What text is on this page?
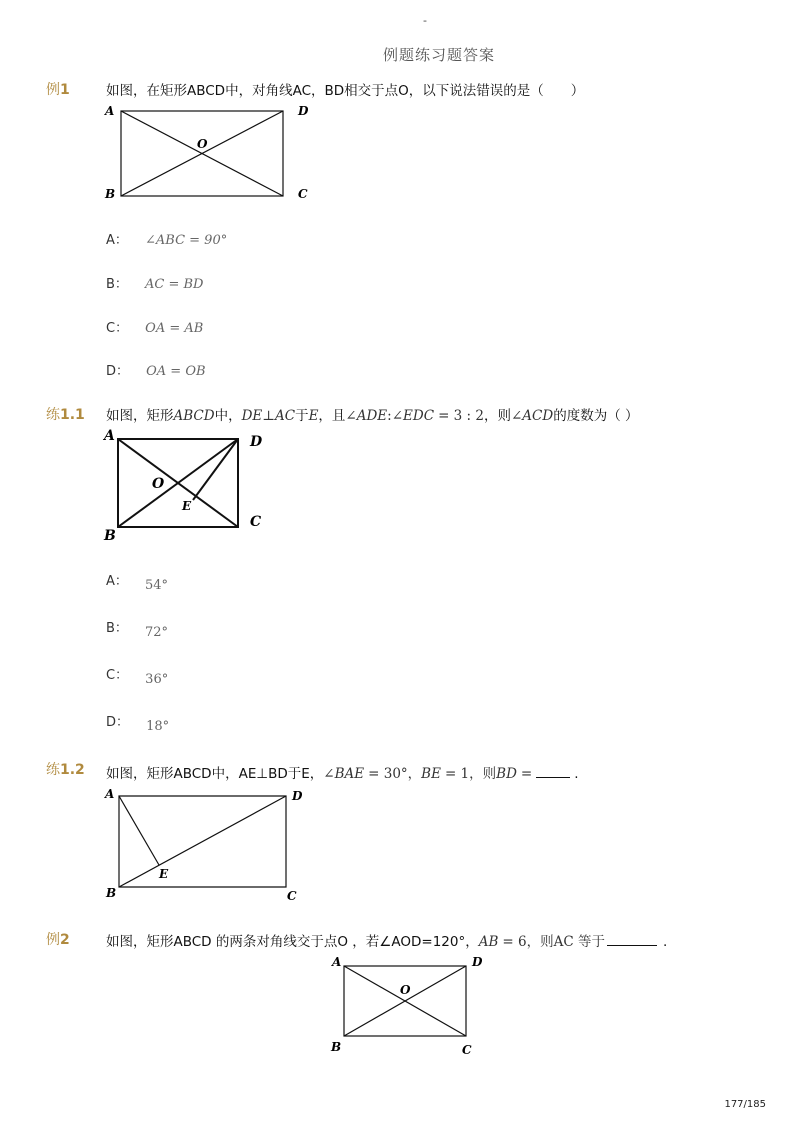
-
例题练习题答案
例1	如图，在矩形ABCD中，对角线AC，BD相交于点O，以下说法错误的是（　　）
A	D
B	C
O
A： ∠ABC = 90°
B： AC = BD
C： OA = AB
D： OA = OB
练1.1 如图，矩形ABCD中，DE⊥AC于E，且∠ADE:∠EDC = 3 : 2，则∠ACD的度数为（ ）
A	D
B
C
O
E
A： $_{54^\circ}$
B： $_{72^\circ}$
C： $_{36^\circ}$
D： $_{18^\circ}$
练1.2 如图，矩形ABCD中，AE⊥BD于E，∠BAE = 30°，BE = 1，则BD =	.
A	D
B	C
E
例2	如图，矩形ABCD 的两条对角线交于点O ，若∠AOD=120°，AB = 6，则AC 等于	.
A	D
B	C
O
177/185
